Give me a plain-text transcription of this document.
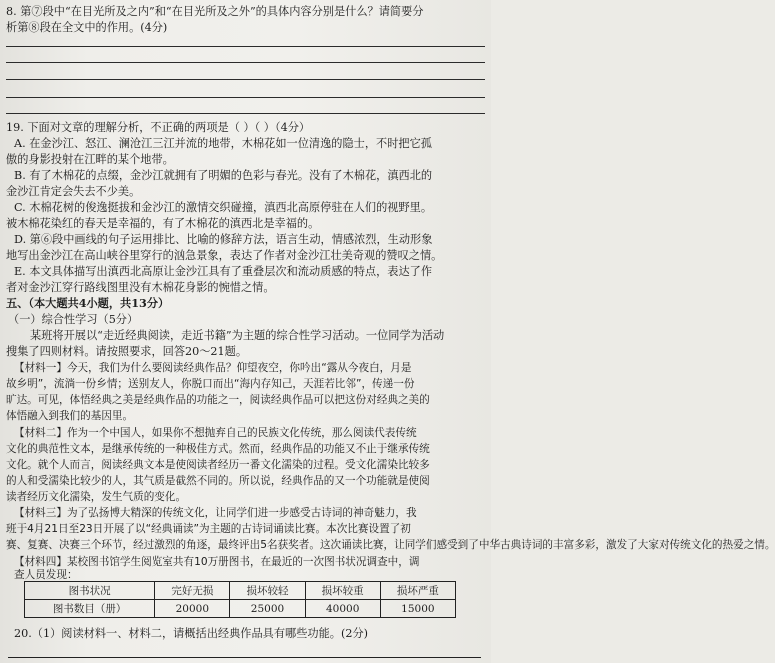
8. 第⑦段中“在目光所及之内”和“在目光所及之外”的具体内容分别是什么？请简要分
析第⑧段在全文中的作用。(4分)
19. 下面对文章的理解分析，不正确的两项是（ ）（ ）（4分）
A. 在金沙江、怒江、澜沧江三江并流的地带，木棉花如一位清逸的隐士，不时把它孤
傲的身影投射在江畔的某个地带。
B. 有了木棉花的点缀，金沙江就拥有了明媚的色彩与春光。没有了木棉花，滇西北的
金沙江肯定会失去不少美。
C. 木棉花树的俊逸挺拔和金沙江的激情交织碰撞，滇西北高原停驻在人们的视野里。
被木棉花染红的春天是幸福的，有了木棉花的滇西北是幸福的。
D. 第⑥段中画线的句子运用排比、比喻的修辞方法，语言生动，情感浓烈，生动形象
地写出金沙江在高山峡谷里穿行的汹急景象，表达了作者对金沙江壮美奇观的赞叹之情。
E. 本文具体描写出滇西北高原让金沙江具有了重叠层次和流动质感的特点，表达了作
者对金沙江穿行路线图里没有木棉花身影的惋惜之情。
五、（本大题共4小题，共13分）
（一）综合性学习（5分）
某班将开展以“走近经典阅读，走近书籍”为主题的综合性学习活动。一位同学为活动
搜集了四则材料。请按照要求，回答20～21题。
【材料一】今天，我们为什么要阅读经典作品？仰望夜空，你吟出“露从今夜白，月是
故乡明”，流淌一份乡情；送别友人，你脱口而出“海内存知己，天涯若比邻”，传递一份
旷达。可见，体悟经典之美是经典作品的功能之一，阅读经典作品可以把这份对经典之美的
体悟融入到我们的基因里。
【材料二】作为一个中国人，如果你不想抛弃自己的民族文化传统，那么阅读代表传统
文化的典范性文本，是继承传统的一种极佳方式。然而，经典作品的功能又不止于继承传统
文化。就个人而言，阅读经典文本是使阅读者经历一番文化濡染的过程。受文化濡染比较多
的人和受濡染比较少的人，其气质是截然不同的。所以说，经典作品的又一个功能就是使阅
读者经历文化濡染，发生气质的变化。
【材料三】为了弘扬博大精深的传统文化，让同学们进一步感受古诗词的神奇魅力，我
班于4月21日至23日开展了以“经典诵读”为主题的古诗词诵读比赛。本次比赛设置了初
赛、复赛、决赛三个环节，经过激烈的角逐，最终评出5名获奖者。这次诵读比赛，让同学们感受到了中华古典诗词的丰富多彩，激发了大家对传统文化的热爱之情。
【材料四】某校图书馆学生阅览室共有10万册图书，在最近的一次图书状况调查中，调
查人员发现：
图书状况	完好无损	损坏较轻	损坏较重	损坏严重
图书数目（册）	20000	25000	40000	15000
20.（1）阅读材料一、材料二，请概括出经典作品具有哪些功能。(2分)
